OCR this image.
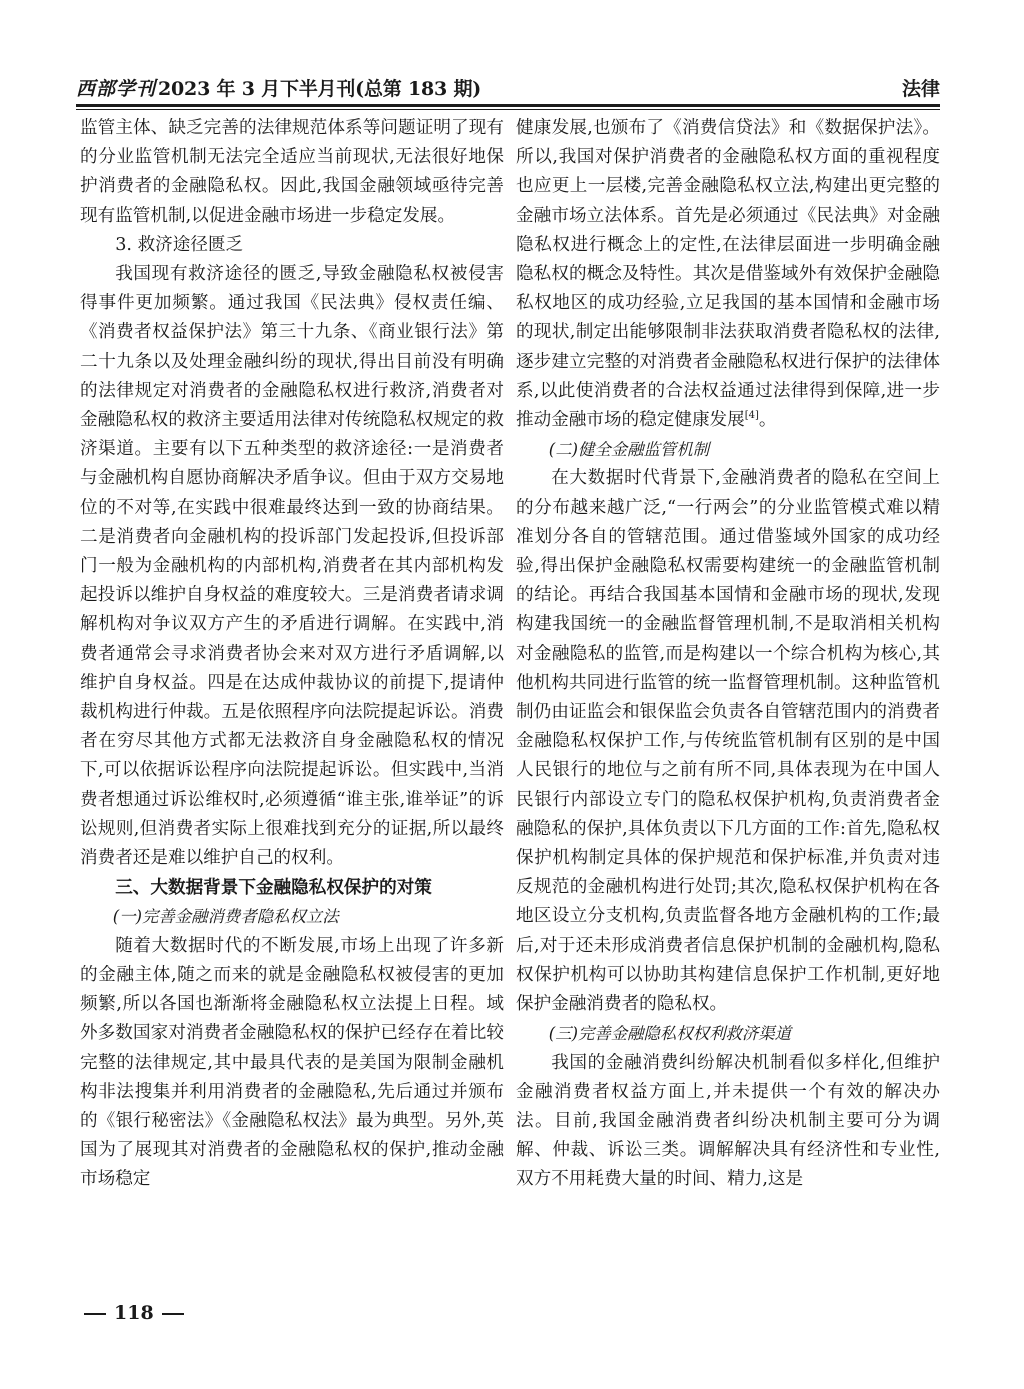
西部学刊 2023 年 3 月下半月刊(总第 183 期)	法律

监管主体、缺乏完善的法律规范体系等问题证明了现有的分业监管机制无法完全适应当前现状,无法很好地保护消费者的金融隐私权。因此,我国金融领域亟待完善现有监管机制,以促进金融市场进一步稳定发展。

3. 救济途径匮乏

我国现有救济途径的匮乏,导致金融隐私权被侵害得事件更加频繁。通过我国《民法典》侵权责任编、《消费者权益保护法》第三十九条、《商业银行法》第二十九条以及处理金融纠纷的现状,得出目前没有明确的法律规定对消费者的金融隐私权进行救济,消费者对金融隐私权的救济主要适用法律对传统隐私权规定的救济渠道。主要有以下五种类型的救济途径:一是消费者与金融机构自愿协商解决矛盾争议。但由于双方交易地位的不对等,在实践中很难最终达到一致的协商结果。二是消费者向金融机构的投诉部门发起投诉,但投诉部门一般为金融机构的内部机构,消费者在其内部机构发起投诉以维护自身权益的难度较大。三是消费者请求调解机构对争议双方产生的矛盾进行调解。在实践中,消费者通常会寻求消费者协会来对双方进行矛盾调解,以维护自身权益。四是在达成仲裁协议的前提下,提请仲裁机构进行仲裁。五是依照程序向法院提起诉讼。消费者在穷尽其他方式都无法救济自身金融隐私权的情况下,可以依据诉讼程序向法院提起诉讼。但实践中,当消费者想通过诉讼维权时,必须遵循“谁主张,谁举证”的诉讼规则,但消费者实际上很难找到充分的证据,所以最终消费者还是难以维护自己的权利。

三、大数据背景下金融隐私权保护的对策

(一)完善金融消费者隐私权立法

随着大数据时代的不断发展,市场上出现了许多新的金融主体,随之而来的就是金融隐私权被侵害的更加频繁,所以各国也渐渐将金融隐私权立法提上日程。域外多数国家对消费者金融隐私权的保护已经存在着比较完整的法律规定,其中最具代表的是美国为限制金融机构非法搜集并利用消费者的金融隐私,先后通过并颁布的《银行秘密法》《金融隐私权法》最为典型。另外,英国为了展现其对消费者的金融隐私权的保护,推动金融市场稳定

健康发展,也颁布了《消费信贷法》和《数据保护法》。所以,我国对保护消费者的金融隐私权方面的重视程度也应更上一层楼,完善金融隐私权立法,构建出更完整的金融市场立法体系。首先是必须通过《民法典》对金融隐私权进行概念上的定性,在法律层面进一步明确金融隐私权的概念及特性。其次是借鉴域外有效保护金融隐私权地区的成功经验,立足我国的基本国情和金融市场的现状,制定出能够限制非法获取消费者隐私权的法律,逐步建立完整的对消费者金融隐私权进行保护的法律体系,以此使消费者的合法权益通过法律得到保障,进一步推动金融市场的稳定健康发展[4]。

(二)健全金融监管机制

在大数据时代背景下,金融消费者的隐私在空间上的分布越来越广泛,“一行两会”的分业监管模式难以精准划分各自的管辖范围。通过借鉴域外国家的成功经验,得出保护金融隐私权需要构建统一的金融监管机制的结论。再结合我国基本国情和金融市场的现状,发现构建我国统一的金融监督管理机制,不是取消相关机构对金融隐私的监管,而是构建以一个综合机构为核心,其他机构共同进行监管的统一监督管理机制。这种监管机制仍由证监会和银保监会负责各自管辖范围内的消费者金融隐私权保护工作,与传统监管机制有区别的是中国人民银行的地位与之前有所不同,具体表现为在中国人民银行内部设立专门的隐私权保护机构,负责消费者金融隐私的保护,具体负责以下几方面的工作:首先,隐私权保护机构制定具体的保护规范和保护标准,并负责对违反规范的金融机构进行处罚;其次,隐私权保护机构在各地区设立分支机构,负责监督各地方金融机构的工作;最后,对于还未形成消费者信息保护机制的金融机构,隐私权保护机构可以协助其构建信息保护工作机制,更好地保护金融消费者的隐私权。

(三)完善金融隐私权权利救济渠道

我国的金融消费纠纷解决机制看似多样化,但维护金融消费者权益方面上,并未提供一个有效的解决办法。目前,我国金融消费者纠纷决机制主要可分为调解、仲裁、诉讼三类。调解解决具有经济性和专业性,双方不用耗费大量的时间、精力,这是

118
